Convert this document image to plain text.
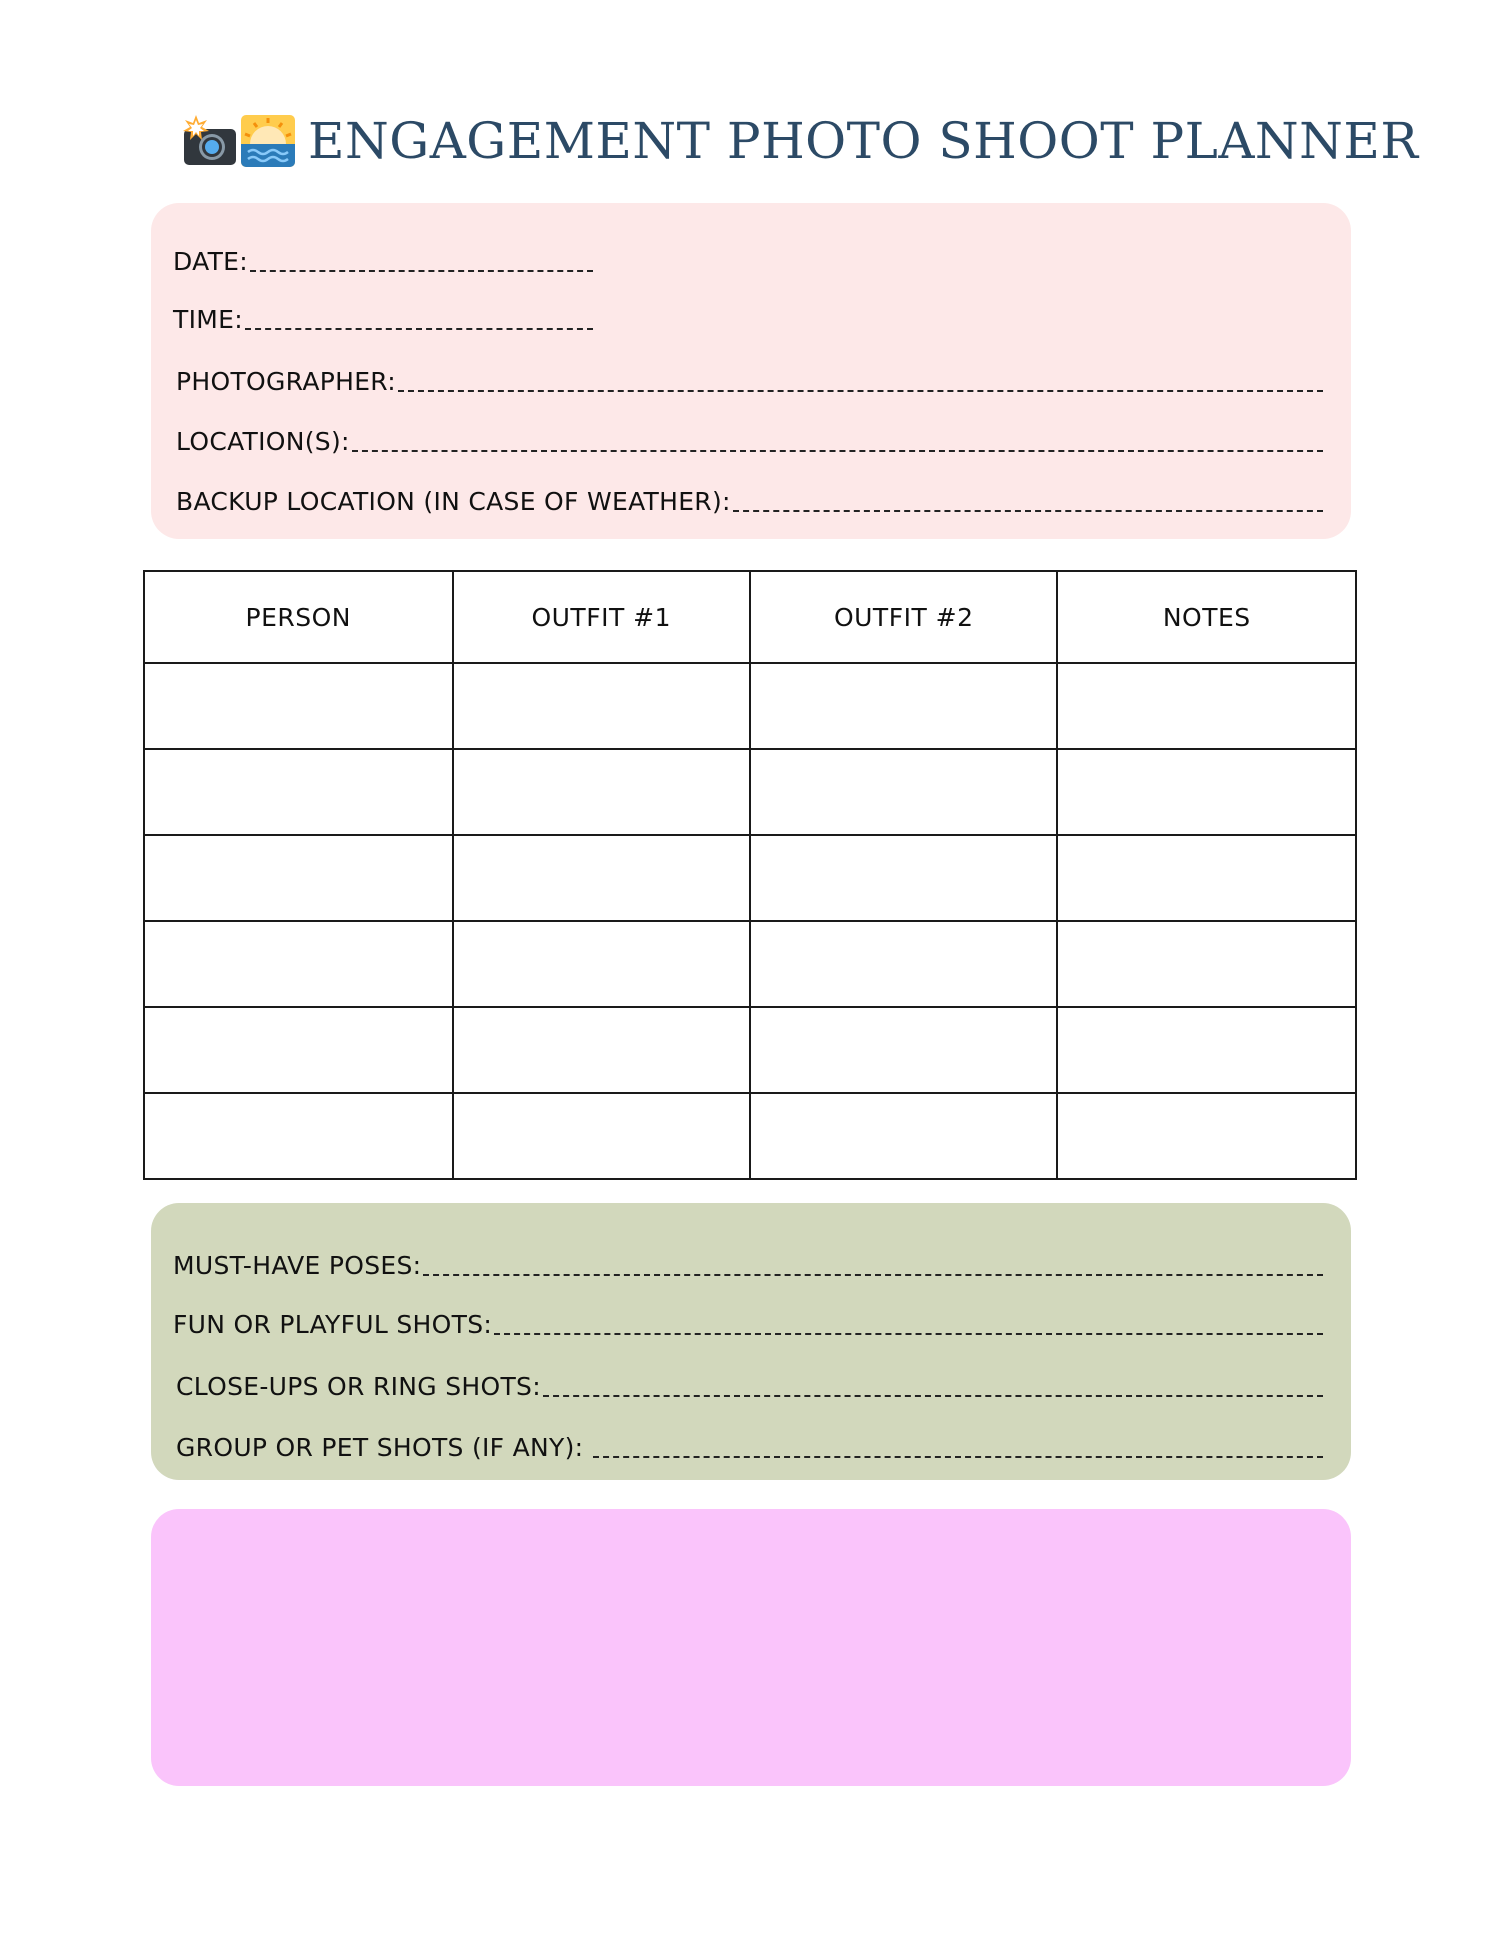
ENGAGEMENT PHOTO SHOOT PLANNER
DATE:
TIME:
PHOTOGRAPHER:
LOCATION(S):
BACKUP LOCATION (IN CASE OF WEATHER):
PERSON	OUTFIT #1	OUTFIT #2	NOTES

MUST-HAVE POSES:
FUN OR PLAYFUL SHOTS:
CLOSE-UPS OR RING SHOTS:
GROUP OR PET SHOTS (IF ANY):
